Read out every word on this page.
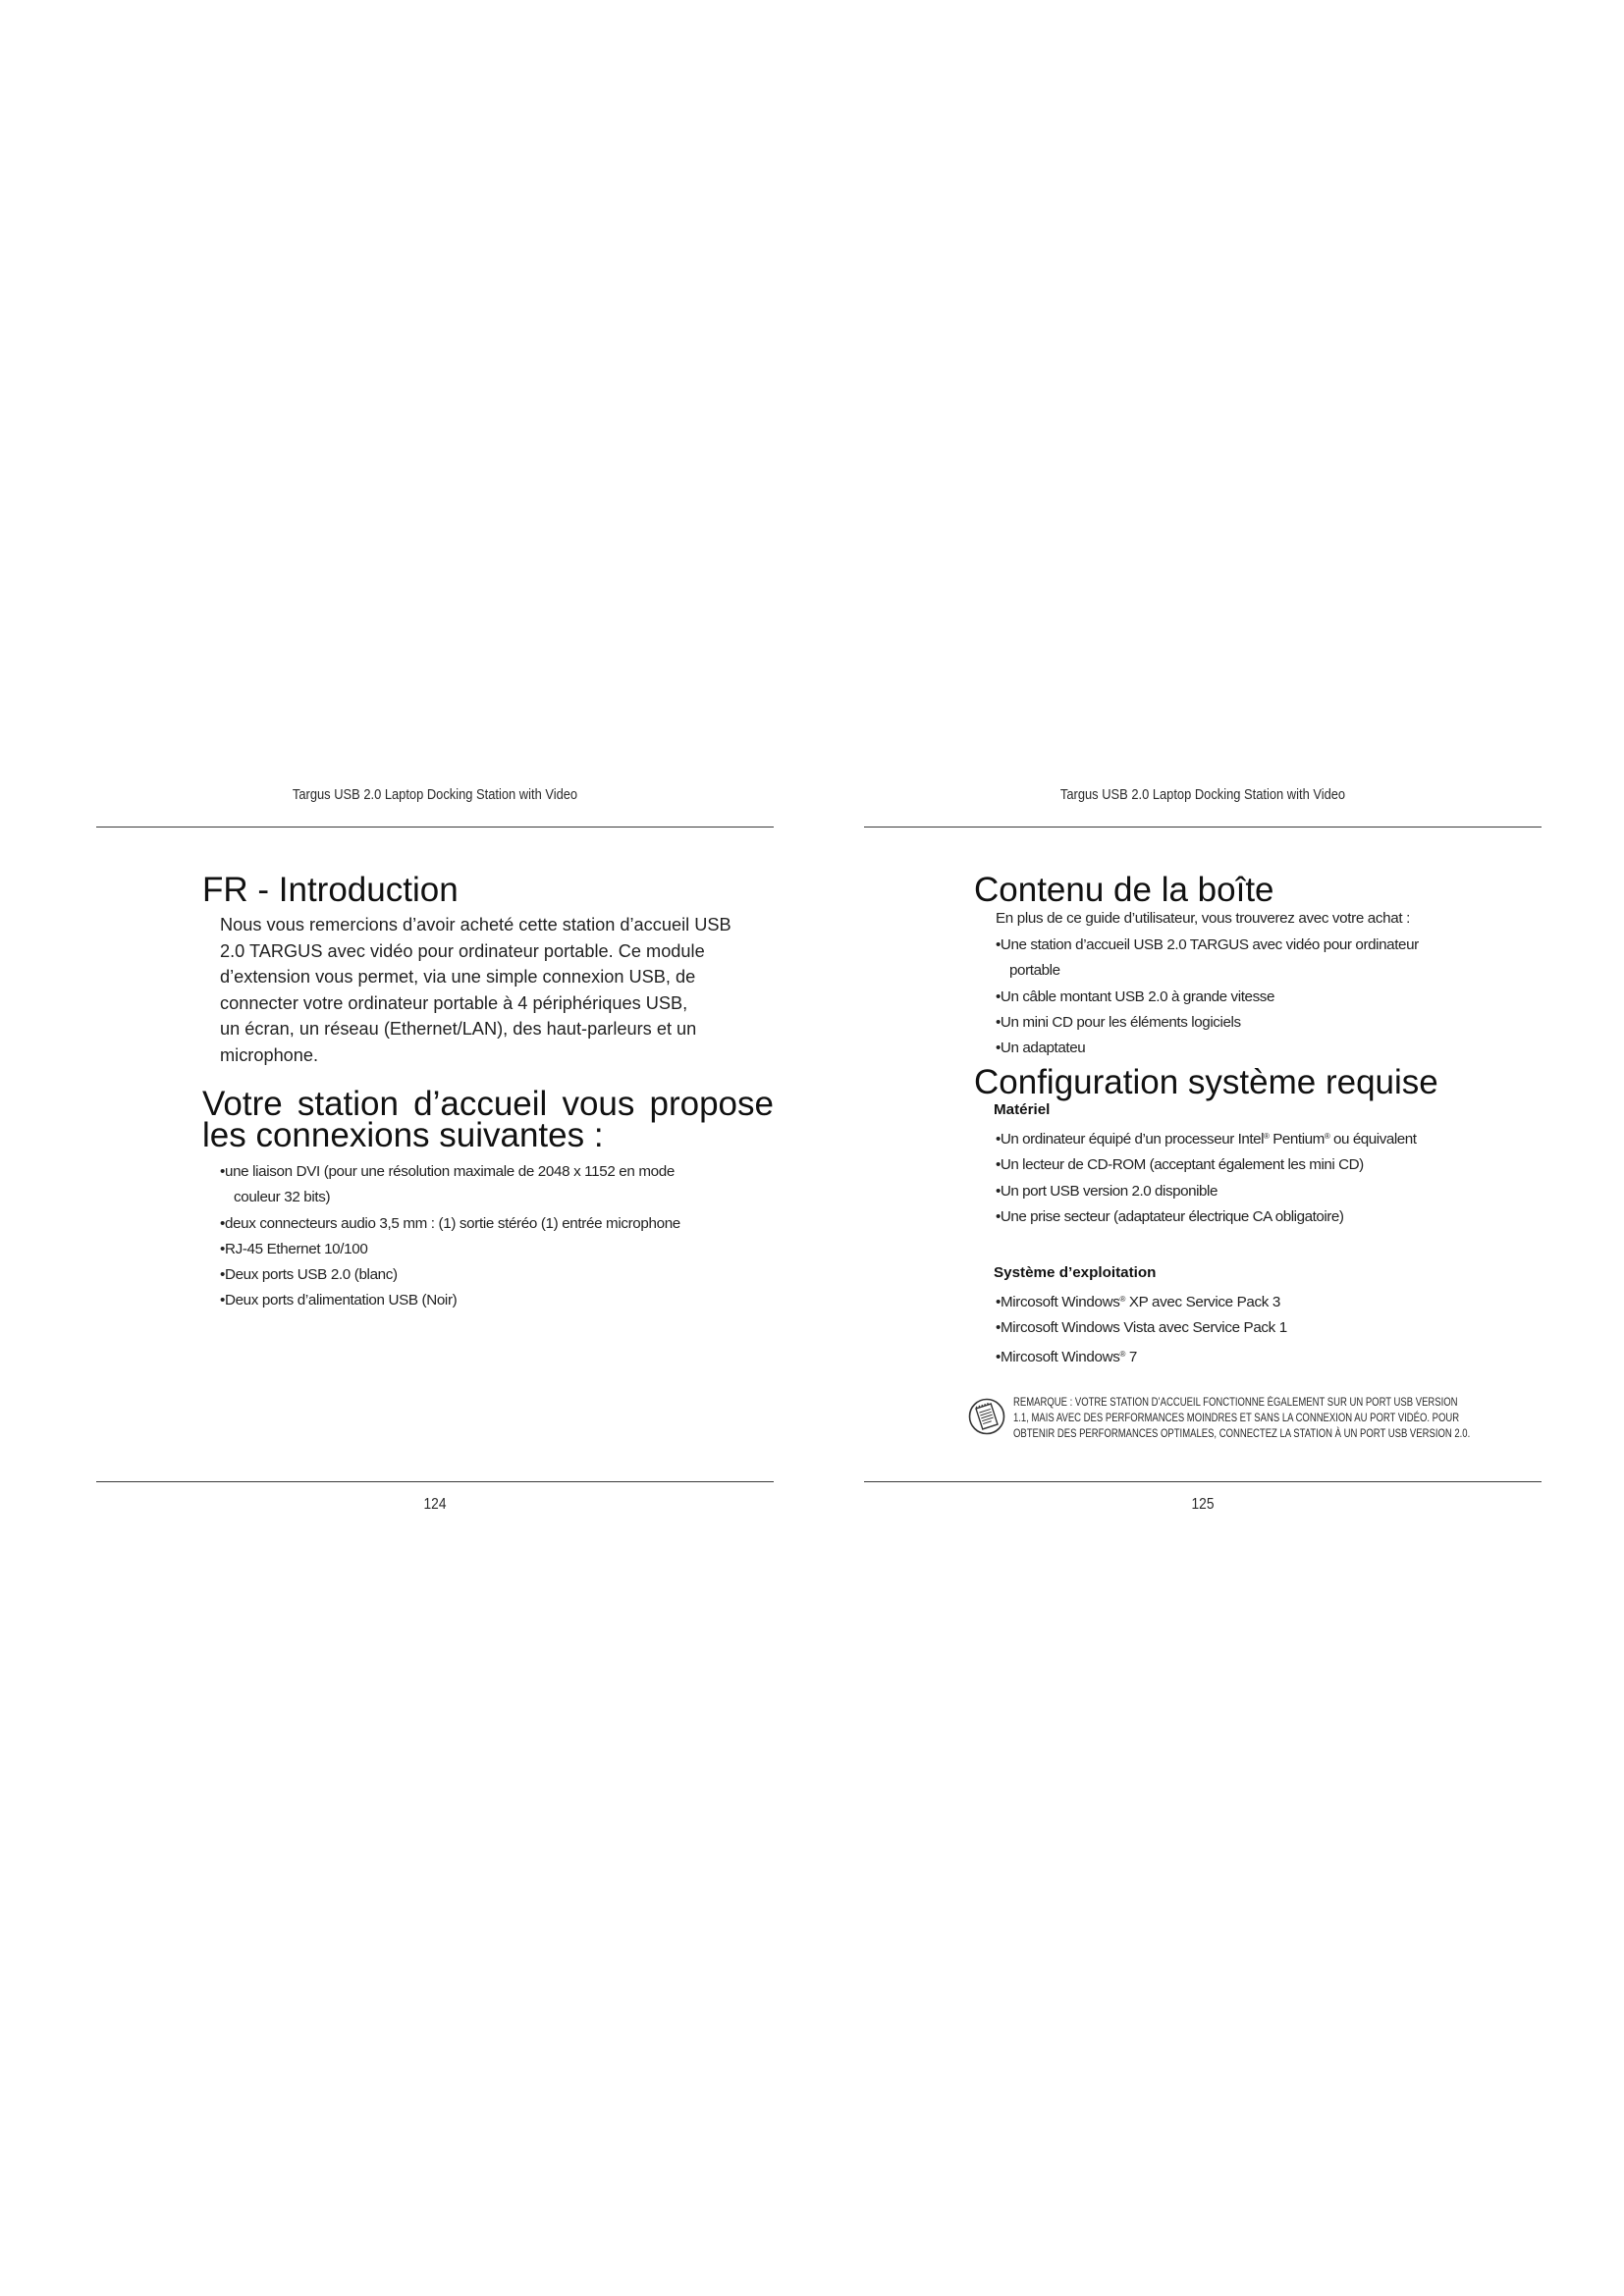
Targus USB 2.0 Laptop Docking Station with Video
FR - Introduction

Nous vous remercions d’avoir acheté cette station d’accueil USB
2.0 TARGUS avec vidéo pour ordinateur portable. Ce module
d’extension vous permet, via une simple connexion USB, de
connecter votre ordinateur portable à 4 périphériques USB,
un écran, un réseau (Ethernet/LAN), des haut-parleurs et un
microphone.

Votre station d’accueil vous propose
les connexions suivantes :
•une liaison DVI (pour une résolution maximale de 2048 x 1152 en mode
couleur 32 bits)
•deux connecteurs audio 3,5 mm : (1) sortie stéréo (1) entrée microphone
•RJ-45 Ethernet 10/100
•Deux ports USB 2.0 (blanc)
•Deux ports d’alimentation USB (Noir)
124
Targus USB 2.0 Laptop Docking Station with Video
Contenu de la boîte

En plus de ce guide d’utilisateur, vous trouverez avec votre achat :

•Une station d’accueil USB 2.0 TARGUS avec vidéo pour ordinateur
portable
•Un câble montant USB 2.0 à grande vitesse
•Un mini CD pour les éléments logiciels
•Un adaptateu
Configuration système requise

Matériel

•Un ordinateur équipé d’un processeur Intel® Pentium® ou équivalent
•Un lecteur de CD-ROM (acceptant également les mini CD)
•Un port USB version 2.0 disponible
•Une prise secteur (adaptateur électrique CA obligatoire)

Système d’exploitation

•Mircosoft Windows® XP avec Service Pack 3
•Mircosoft Windows Vista avec Service Pack 1
•Mircosoft Windows® 7

REMARQUE : VOTRE STATION D’ACCUEIL FONCTIONNE ÉGALEMENT SUR UN PORT USB VERSION
1.1, MAIS AVEC DES PERFORMANCES MOINDRES ET SANS LA CONNEXION AU PORT VIDÉO. POUR
OBTENIR DES PERFORMANCES OPTIMALES, CONNECTEZ LA STATION À UN PORT USB VERSION 2.0.

125
